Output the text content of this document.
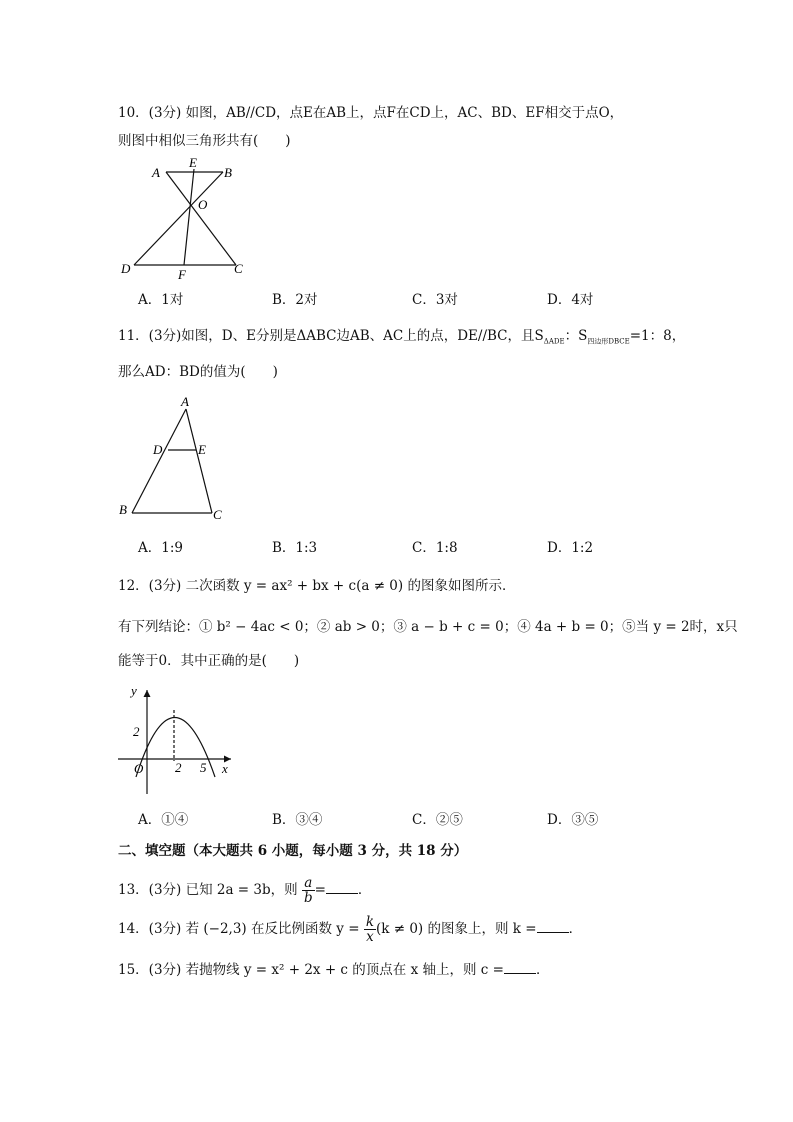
10．(3分) 如图，AB//CD，点E在AB上，点F在CD上，AC、BD、EF相交于点O，
则图中相似三角形共有(　　)
A	B
E
O
D	C
F
A．1对	B．2对	C．3对	D．4对
11．(3分)如图，D、E分别是ΔABC边AB、AC上的点，DE//BC，且$S_{\Delta ADE}$：$S_{四边形DBCE}=1$：8，
那么AD：BD的值为(　　)
A
D	E
B	C
A．1:9	B．1:3	C．1:8	D．1:2
12．(3分) 二次函数 y = ax² + bx + c(a ≠ 0) 的图象如图所示．
有下列结论：① b² − 4ac < 0；② ab > 0；③ a − b + c = 0；④ 4a + b = 0；⑤当 y = 2时，x只
能等于0．其中正确的是(　　)
y
x
O
2
2 5
A．①④	B．③④	C．②⑤	D．③⑤
二、填空题（本大题共 6 小题，每小题 3 分，共 18 分）
13．(3分) 已知 2a = 3b，则 $\frac{a}{b}$ = ．
14．(3分) 若 (−2,3) 在反比例函数 $y = \frac{k}{x} (k \ne 0)$ 的图象上，则 k = ．
15．(3分) 若抛物线 y = x² + 2x + c 的顶点在 x 轴上，则 c = ．
